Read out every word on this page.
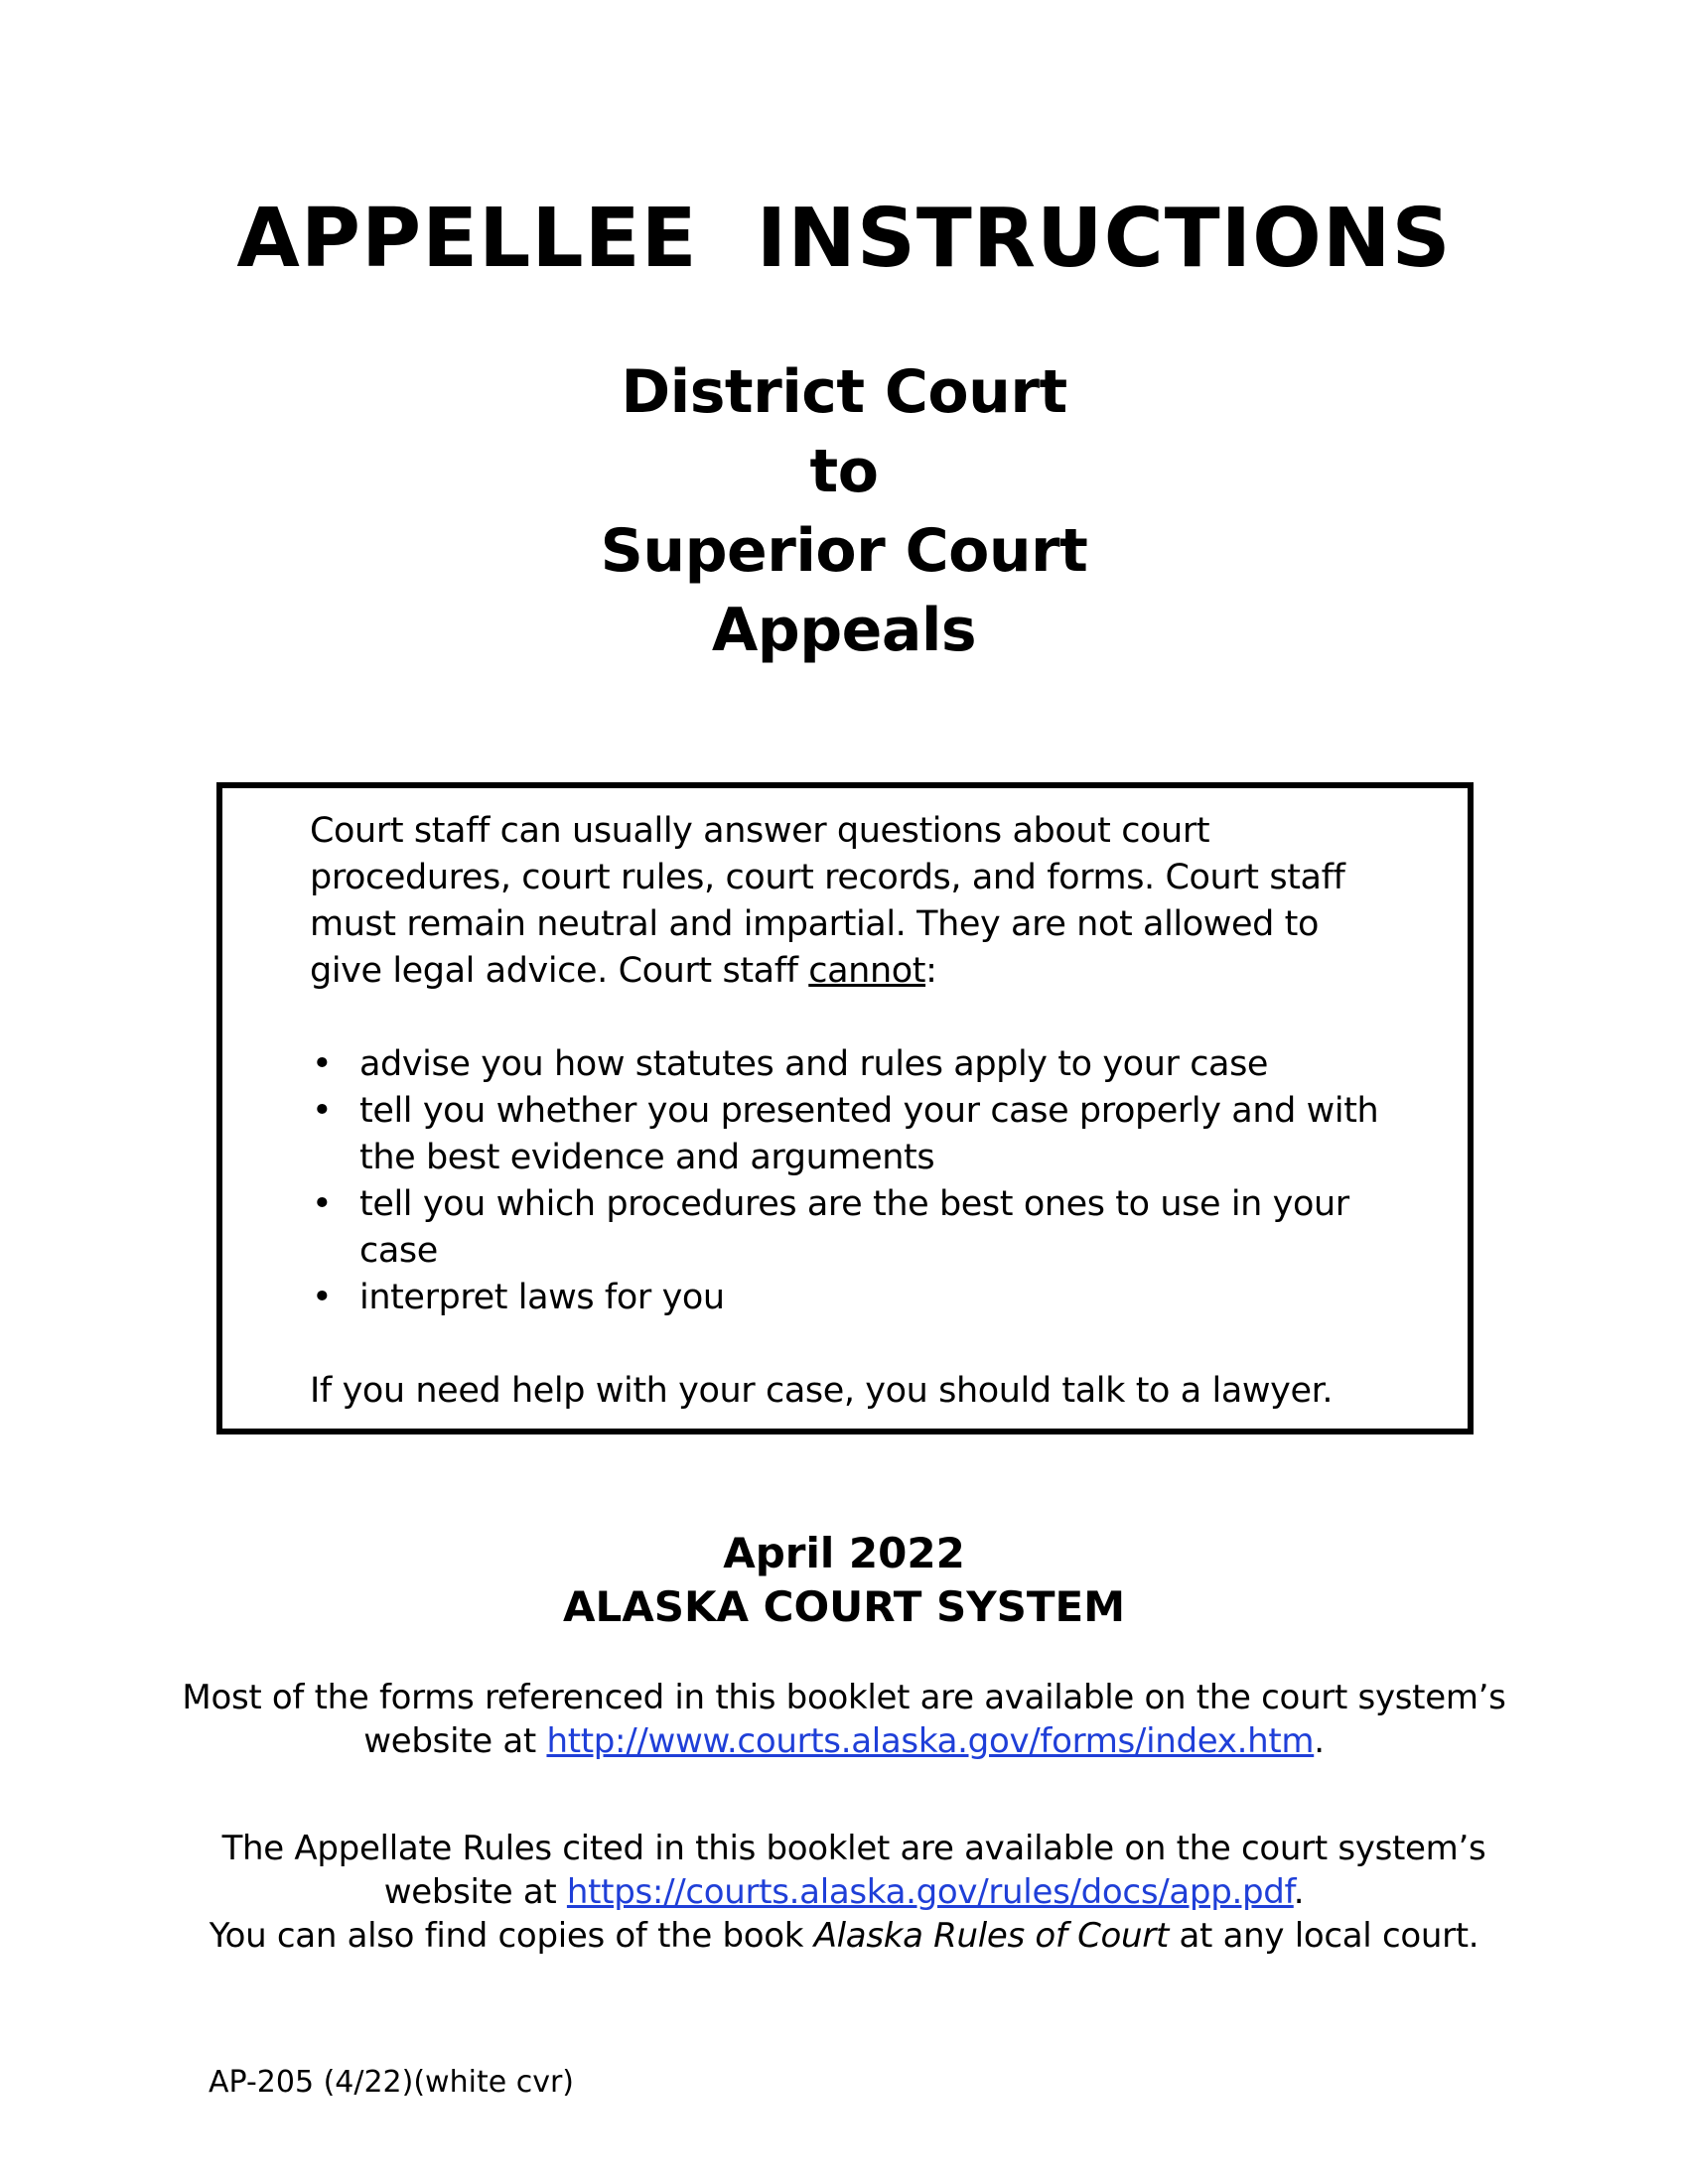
APPELLEE  INSTRUCTIONS
District Court
to
Superior Court
Appeals

Court staff can usually answer questions about court
procedures, court rules, court records, and forms. Court staff
must remain neutral and impartial. They are not allowed to
give legal advice. Court staff cannot:

• advise you how statutes and rules apply to your case
• tell you whether you presented your case properly and with the best evidence and arguments
• tell you which procedures are the best ones to use in your case
• interpret laws for you

If you need help with your case, you should talk to a lawyer.

April 2022
ALASKA COURT SYSTEM
Most of the forms referenced in this booklet are available on the court system’s
website at http://www.courts.alaska.gov/forms/index.htm.
The Appellate Rules cited in this booklet are available on the court system’s
website at https://courts.alaska.gov/rules/docs/app.pdf.
You can also find copies of the book Alaska Rules of Court at any local court.
AP-205 (4/22)(white cvr)
